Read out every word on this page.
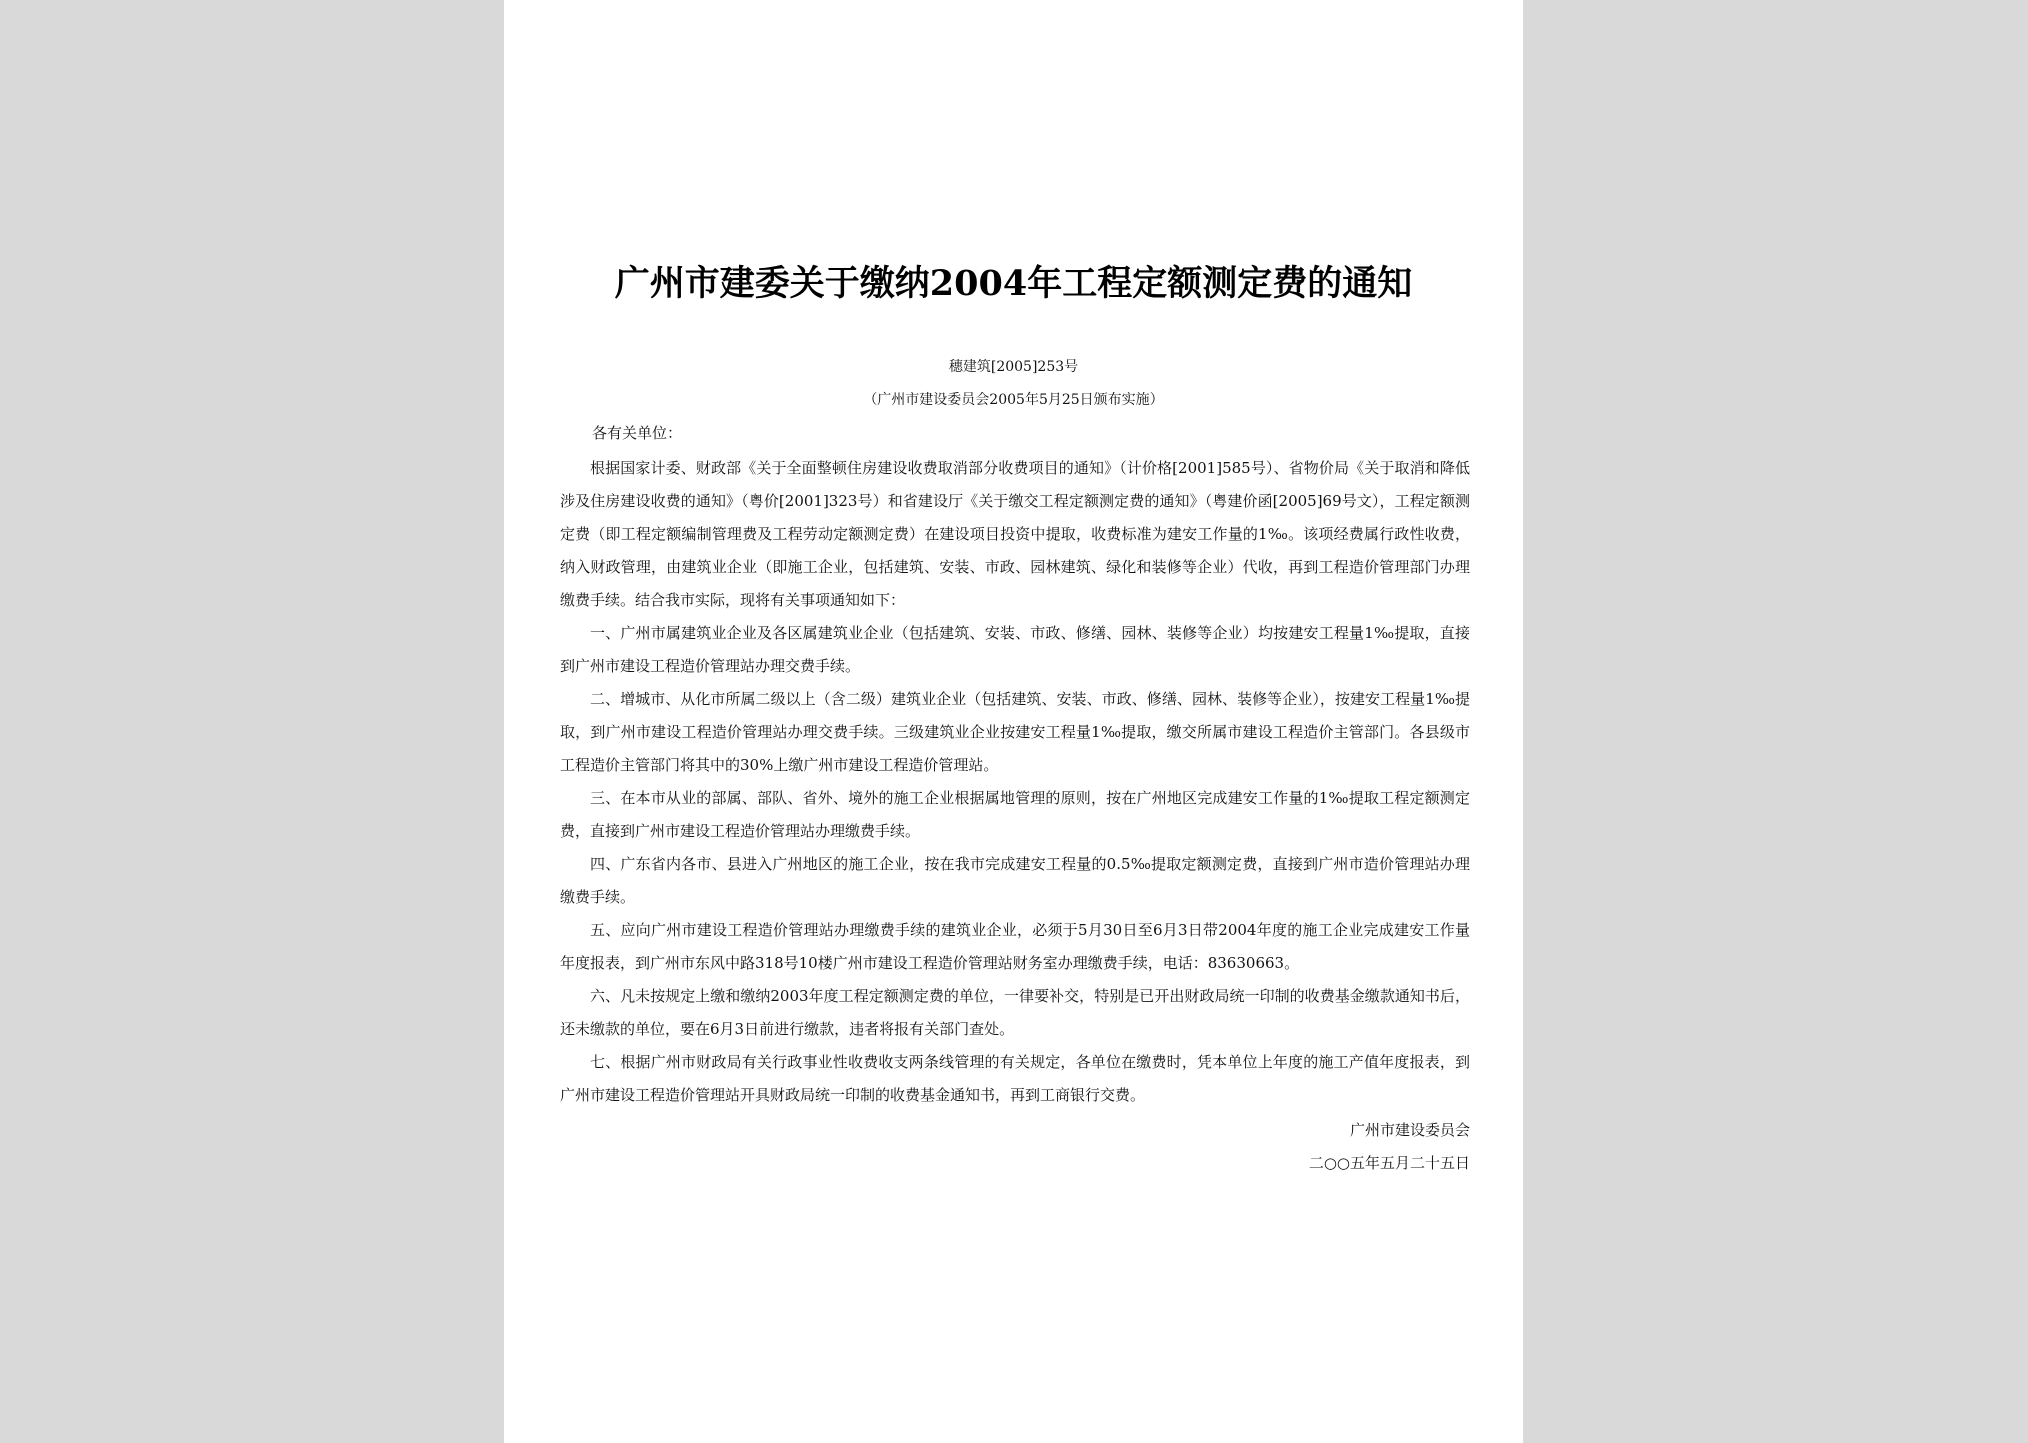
广州市建委关于缴纳2004年工程定额测定费的通知

穗建筑[2005]253号

（广州市建设委员会2005年5月25日颁布实施）

各有关单位：

根据国家计委、财政部《关于全面整顿住房建设收费取消部分收费项目的通知》（计价格[2001]585号）、省物价局《关于取消和降低涉及住房建设收费的通知》（粤价[2001]323号）和省建设厅《关于缴交工程定额测定费的通知》（粤建价函[2005]69号文），工程定额测定费（即工程定额编制管理费及工程劳动定额测定费）在建设项目投资中提取，收费标准为建安工作量的1‰。该项经费属行政性收费，纳入财政管理，由建筑业企业（即施工企业，包括建筑、安装、市政、园林建筑、绿化和装修等企业）代收，再到工程造价管理部门办理缴费手续。结合我市实际，现将有关事项通知如下：

一、广州市属建筑业企业及各区属建筑业企业（包括建筑、安装、市政、修缮、园林、装修等企业）均按建安工程量1‰提取，直接到广州市建设工程造价管理站办理交费手续。

二、增城市、从化市所属二级以上（含二级）建筑业企业（包括建筑、安装、市政、修缮、园林、装修等企业），按建安工程量1‰提取，到广州市建设工程造价管理站办理交费手续。三级建筑业企业按建安工程量1‰提取，缴交所属市建设工程造价主管部门。各县级市工程造价主管部门将其中的30%上缴广州市建设工程造价管理站。

三、在本市从业的部属、部队、省外、境外的施工企业根据属地管理的原则，按在广州地区完成建安工作量的1‰提取工程定额测定费，直接到广州市建设工程造价管理站办理缴费手续。

四、广东省内各市、县进入广州地区的施工企业，按在我市完成建安工程量的0.5‰提取定额测定费，直接到广州市造价管理站办理缴费手续。

五、应向广州市建设工程造价管理站办理缴费手续的建筑业企业，必须于5月30日至6月3日带2004年度的施工企业完成建安工作量年度报表，到广州市东风中路318号10楼广州市建设工程造价管理站财务室办理缴费手续，电话：83630663。

六、凡未按规定上缴和缴纳2003年度工程定额测定费的单位，一律要补交，特别是已开出财政局统一印制的收费基金缴款通知书后，还未缴款的单位，要在6月3日前进行缴款，违者将报有关部门查处。

七、根据广州市财政局有关行政事业性收费收支两条线管理的有关规定，各单位在缴费时，凭本单位上年度的施工产值年度报表，到广州市建设工程造价管理站开具财政局统一印制的收费基金通知书，再到工商银行交费。

广州市建设委员会

二○○五年五月二十五日
